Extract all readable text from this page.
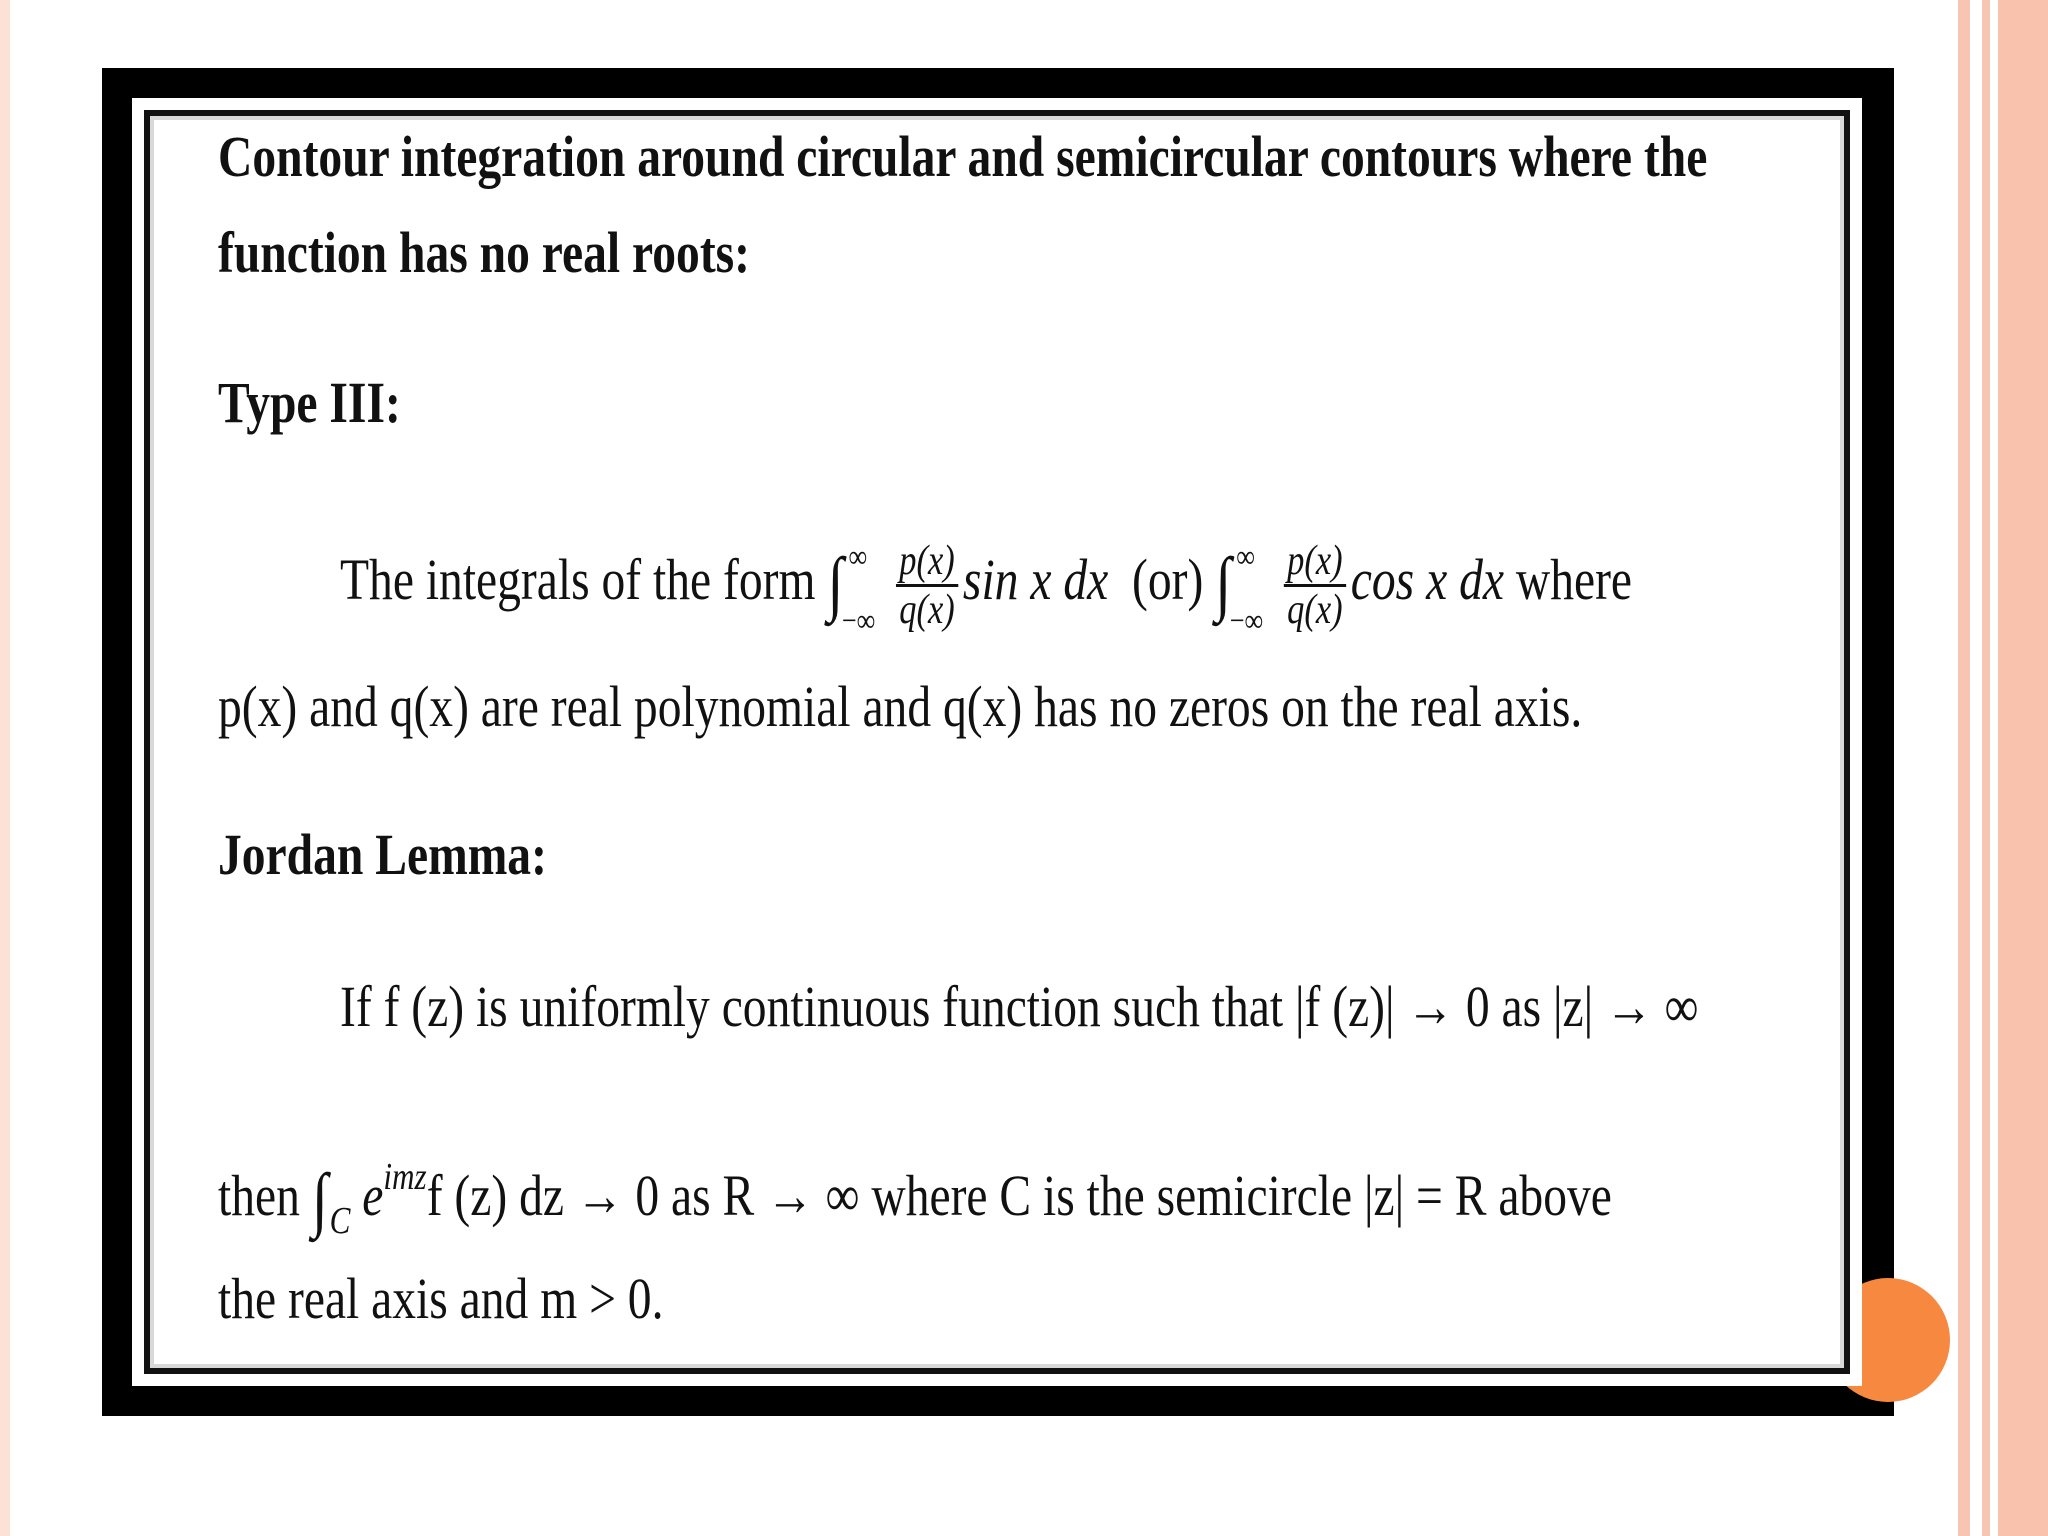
Contour integration around circular and semicircular contours where the
function has no real roots:
Type III:
The integrals of the form ∫ ∞
−∞ $\frac{p(x)}{q(x)}$ sin x dx (or) ∫ ∞
−∞ $\frac{p(x)}{q(x)}$ cos x dx where
p(x) and q(x) are real polynomial and q(x) has no zeros on the real axis.
Jordan Lemma:
If f (z) is uniformly continuous function such that |f (z)| → 0 as |z| → ∞
then $\int_C$ $e^{imz}f$ (z) dz → 0 as R → ∞ where C is the semicircle |z| = R above
the real axis and m > 0.
